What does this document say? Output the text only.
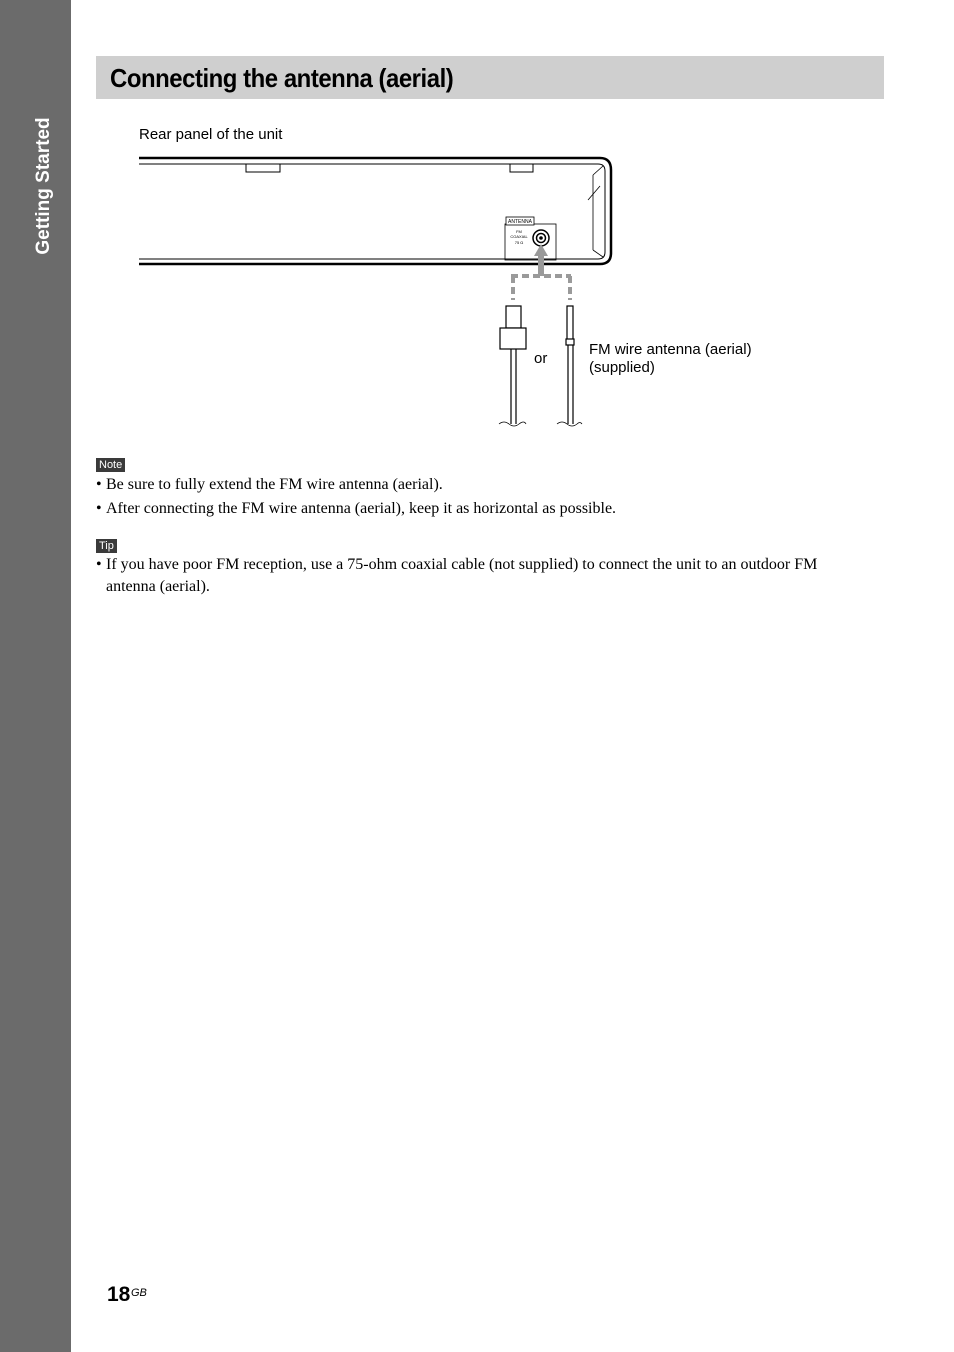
Getting Started
Connecting the antenna (aerial)
Rear panel of the unit
ANTENNA
FM
COAXIAL
75 Ω
or
FM wire antenna (aerial)
(supplied)
Note
• Be sure to fully extend the FM wire antenna (aerial).
• After connecting the FM wire antenna (aerial), keep it as horizontal as possible.
Tip
• If you have poor FM reception, use a 75-ohm coaxial cable (not supplied) to connect the unit to an outdoor FM antenna (aerial).
18 GB
